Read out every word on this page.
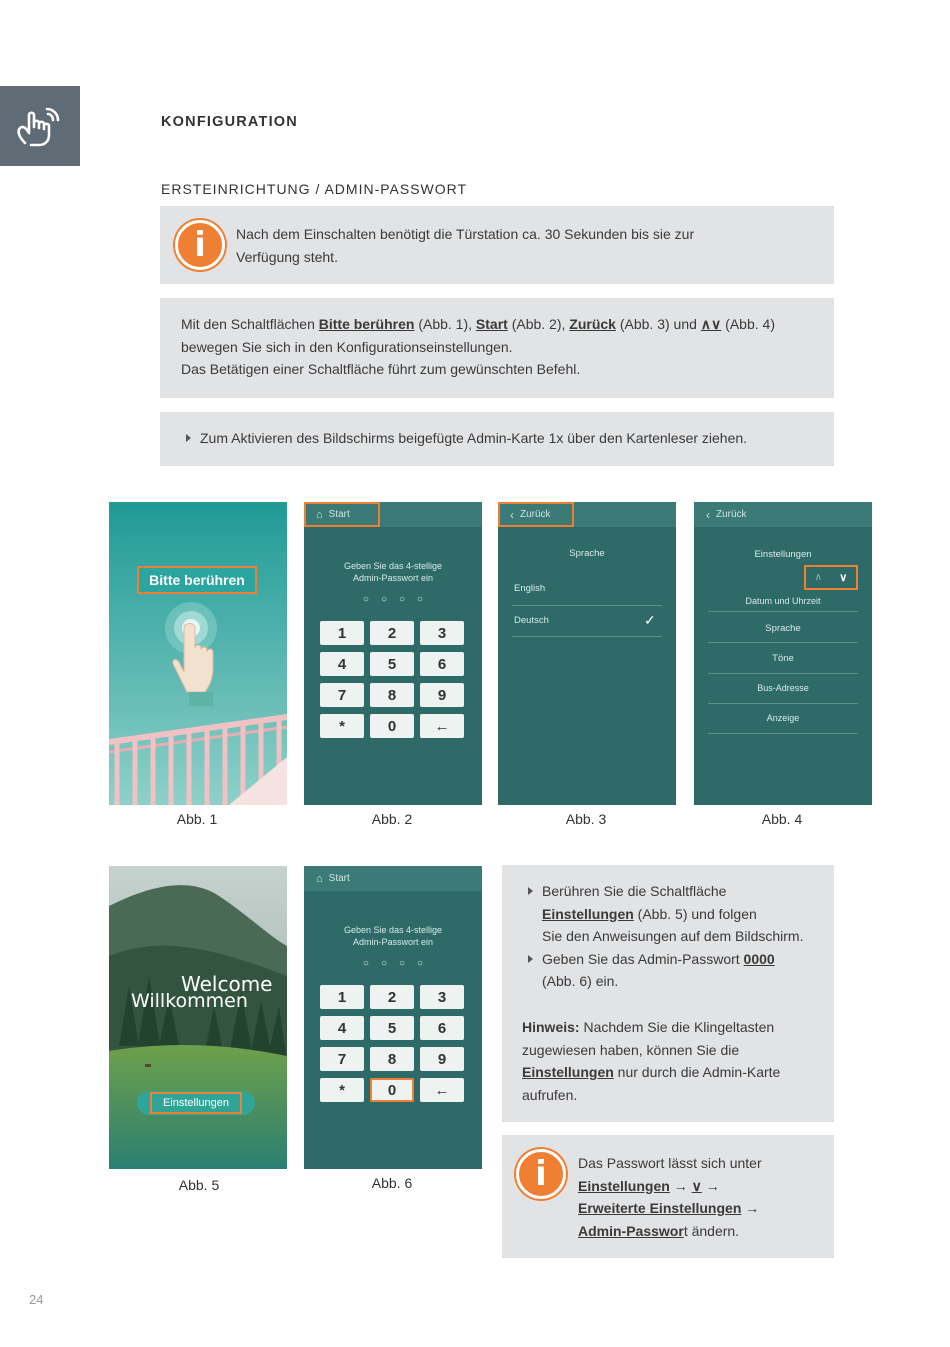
KONFIGURATION
ERSTEINRICHTUNG / ADMIN-PASSWORT
i	Nach dem Einschalten benötigt die Türstation ca. 30 Sekunden bis sie zur
Verfügung steht.
Mit den Schaltflächen Bitte berühren (Abb. 1), Start (Abb. 2), Zurück (Abb. 3) und ∧∨ (Abb. 4)
bewegen Sie sich in den Konfigurationseinstellungen.
Das Betätigen einer Schaltfläche führt zum gewünschten Befehl.
Zum Aktivieren des Bildschirms beigefügte Admin-Karte 1x über den Kartenleser ziehen.
Bitte berühren
Abb. 1
⌂ Start
Geben Sie das 4-stellige
Admin-Passwort ein
○○○○
1	2	3
4	5	6
7	8	9
*	0	←
Abb. 2
‹ Zurück
Sprache
English
Deutsch	✓
Abb. 3
‹ Zurück
Einstellungen
∧ ∨
Datum und Uhrzeit
Sprache
Töne
Bus-Adresse
Anzeige
Abb. 4
Welcome
Willkommen
Einstellungen
Abb. 5
⌂ Start
Geben Sie das 4-stellige
Admin-Passwort ein
○○○○
1	2	3
4	5	6
7	8	9
*	0	←
Abb. 6
Berühren Sie die Schaltfläche
Einstellungen (Abb. 5) und folgen
Sie den Anweisungen auf dem Bildschirm.
Geben Sie das Admin-Passwort 0000
(Abb. 6) ein.
Hinweis: Nachdem Sie die Klingeltasten
zugewiesen haben, können Sie die
Einstellungen nur durch die Admin-Karte
aufrufen.
i	Das Passwort lässt sich unter
Einstellungen → ∨ →
Erweiterte Einstellungen →
Admin-Passwort ändern.
24
